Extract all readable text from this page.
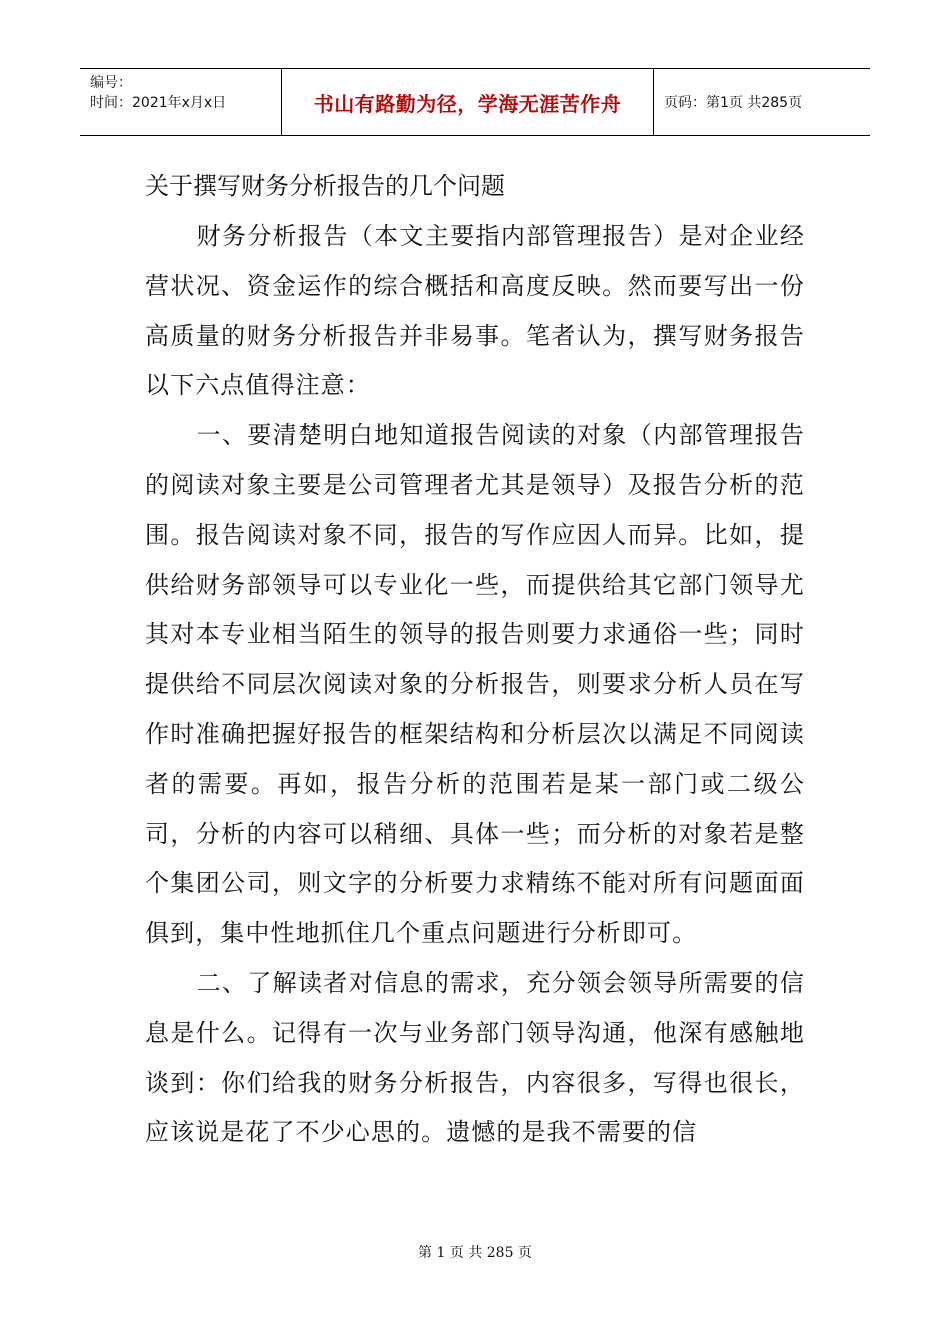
编号：
时间：2021年x月x日	书山有路勤为径，学海无涯苦作舟	页码：第1页 共285页
关于撰写财务分析报告的几个问题

财务分析报告（本文主要指内部管理报告）是对企业经营状况、资金运作的综合概括和高度反映。然而要写出一份高质量的财务分析报告并非易事。笔者认为，撰写财务报告以下六点值得注意：

一、要清楚明白地知道报告阅读的对象（内部管理报告的阅读对象主要是公司管理者尤其是领导）及报告分析的范围。报告阅读对象不同，报告的写作应因人而异。比如，提供给财务部领导可以专业化一些，而提供给其它部门领导尤其对本专业相当陌生的领导的报告则要力求通俗一些；同时提供给不同层次阅读对象的分析报告，则要求分析人员在写作时准确把握好报告的框架结构和分析层次以满足不同阅读者的需要。再如，报告分析的范围若是某一部门或二级公司，分析的内容可以稍细、具体一些；而分析的对象若是整个集团公司，则文字的分析要力求精练不能对所有问题面面俱到，集中性地抓住几个重点问题进行分析即可。

二、了解读者对信息的需求，充分领会领导所需要的信息是什么。记得有一次与业务部门领导沟通，他深有感触地谈到：你们给我的财务分析报告，内容很多，写得也很长，应该说是花了不少心思的。遗憾的是我不需要的信

第 1 页 共 285 页
